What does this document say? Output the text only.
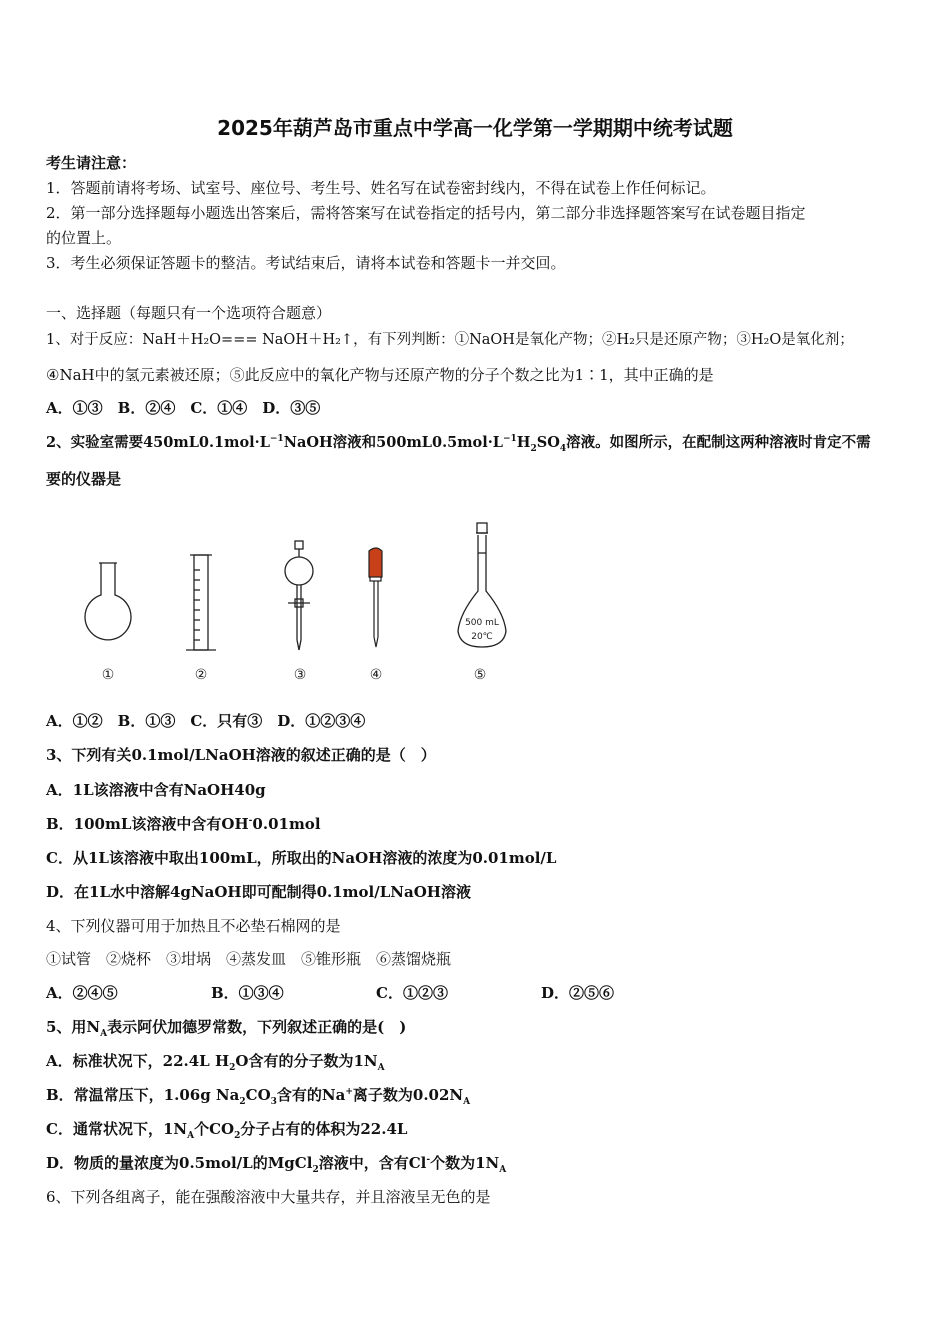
2025年葫芦岛市重点中学高一化学第一学期期中统考试题
考生请注意：
1．答题前请将考场、试室号、座位号、考生号、姓名写在试卷密封线内，不得在试卷上作任何标记。
2．第一部分选择题每小题选出答案后，需将答案写在试卷指定的括号内，第二部分非选择题答案写在试卷题目指定
的位置上。
3．考生必须保证答题卡的整洁。考试结束后，请将本试卷和答题卡一并交回。
一、选择题（每题只有一个选项符合题意）
1、对于反应：NaH＋H₂O=== NaOH＋H₂↑，有下列判断：①NaOH是氧化产物；②H₂只是还原产物；③H₂O是氧化剂；
④NaH中的氢元素被还原；⑤此反应中的氧化产物与还原产物的分子个数之比为1∶1，其中正确的是
A．①③　B．②④　C．①④　D．③⑤
2、实验室需要$450mL0.1mol\cdot L^{-1}NaOH$溶液和$500mL0.5mol\cdot L^{-1}H_2SO_4$溶液。如图所示，在配制这两种溶液时肯定不需
要的仪器是
500 mL
20℃
①	②	③	④	⑤
A．①②　B．①③　C．只有③　D．①②③④
3、下列有关0.1mol/LNaOH溶液的叙述正确的是（　）
A．1L该溶液中含有NaOH40g
B．100mL该溶液中含有OH-0.01mol
C．从1L该溶液中取出100mL，所取出的NaOH溶液的浓度为0.01mol/L
D．在1L水中溶解4gNaOH即可配制得0.1mol/LNaOH溶液
4、下列仪器可用于加热且不必垫石棉网的是
①试管　②烧杯　③坩埚　④蒸发皿　⑤锥形瓶　⑥蒸馏烧瓶
A．②④⑤	B．①③④	C．①②③	D．②⑤⑥
5、用$N_A$表示阿伏加德罗常数，下列叙述正确的是(　)
A．标准状况下，22.4L $H_2O$含有的分子数为$1N_A$
B．常温常压下，1.06g $Na_2CO_3$含有的Na+离子数为$0.02N_A$
C．通常状况下，$1N_A$个$CO_2$分子占有的体积为22.4L
D．物质的量浓度为0.5mol/L的MgCl$_2$溶液中，含有Cl-个数为$1N_A$
6、下列各组离子，能在强酸溶液中大量共存，并且溶液呈无色的是
